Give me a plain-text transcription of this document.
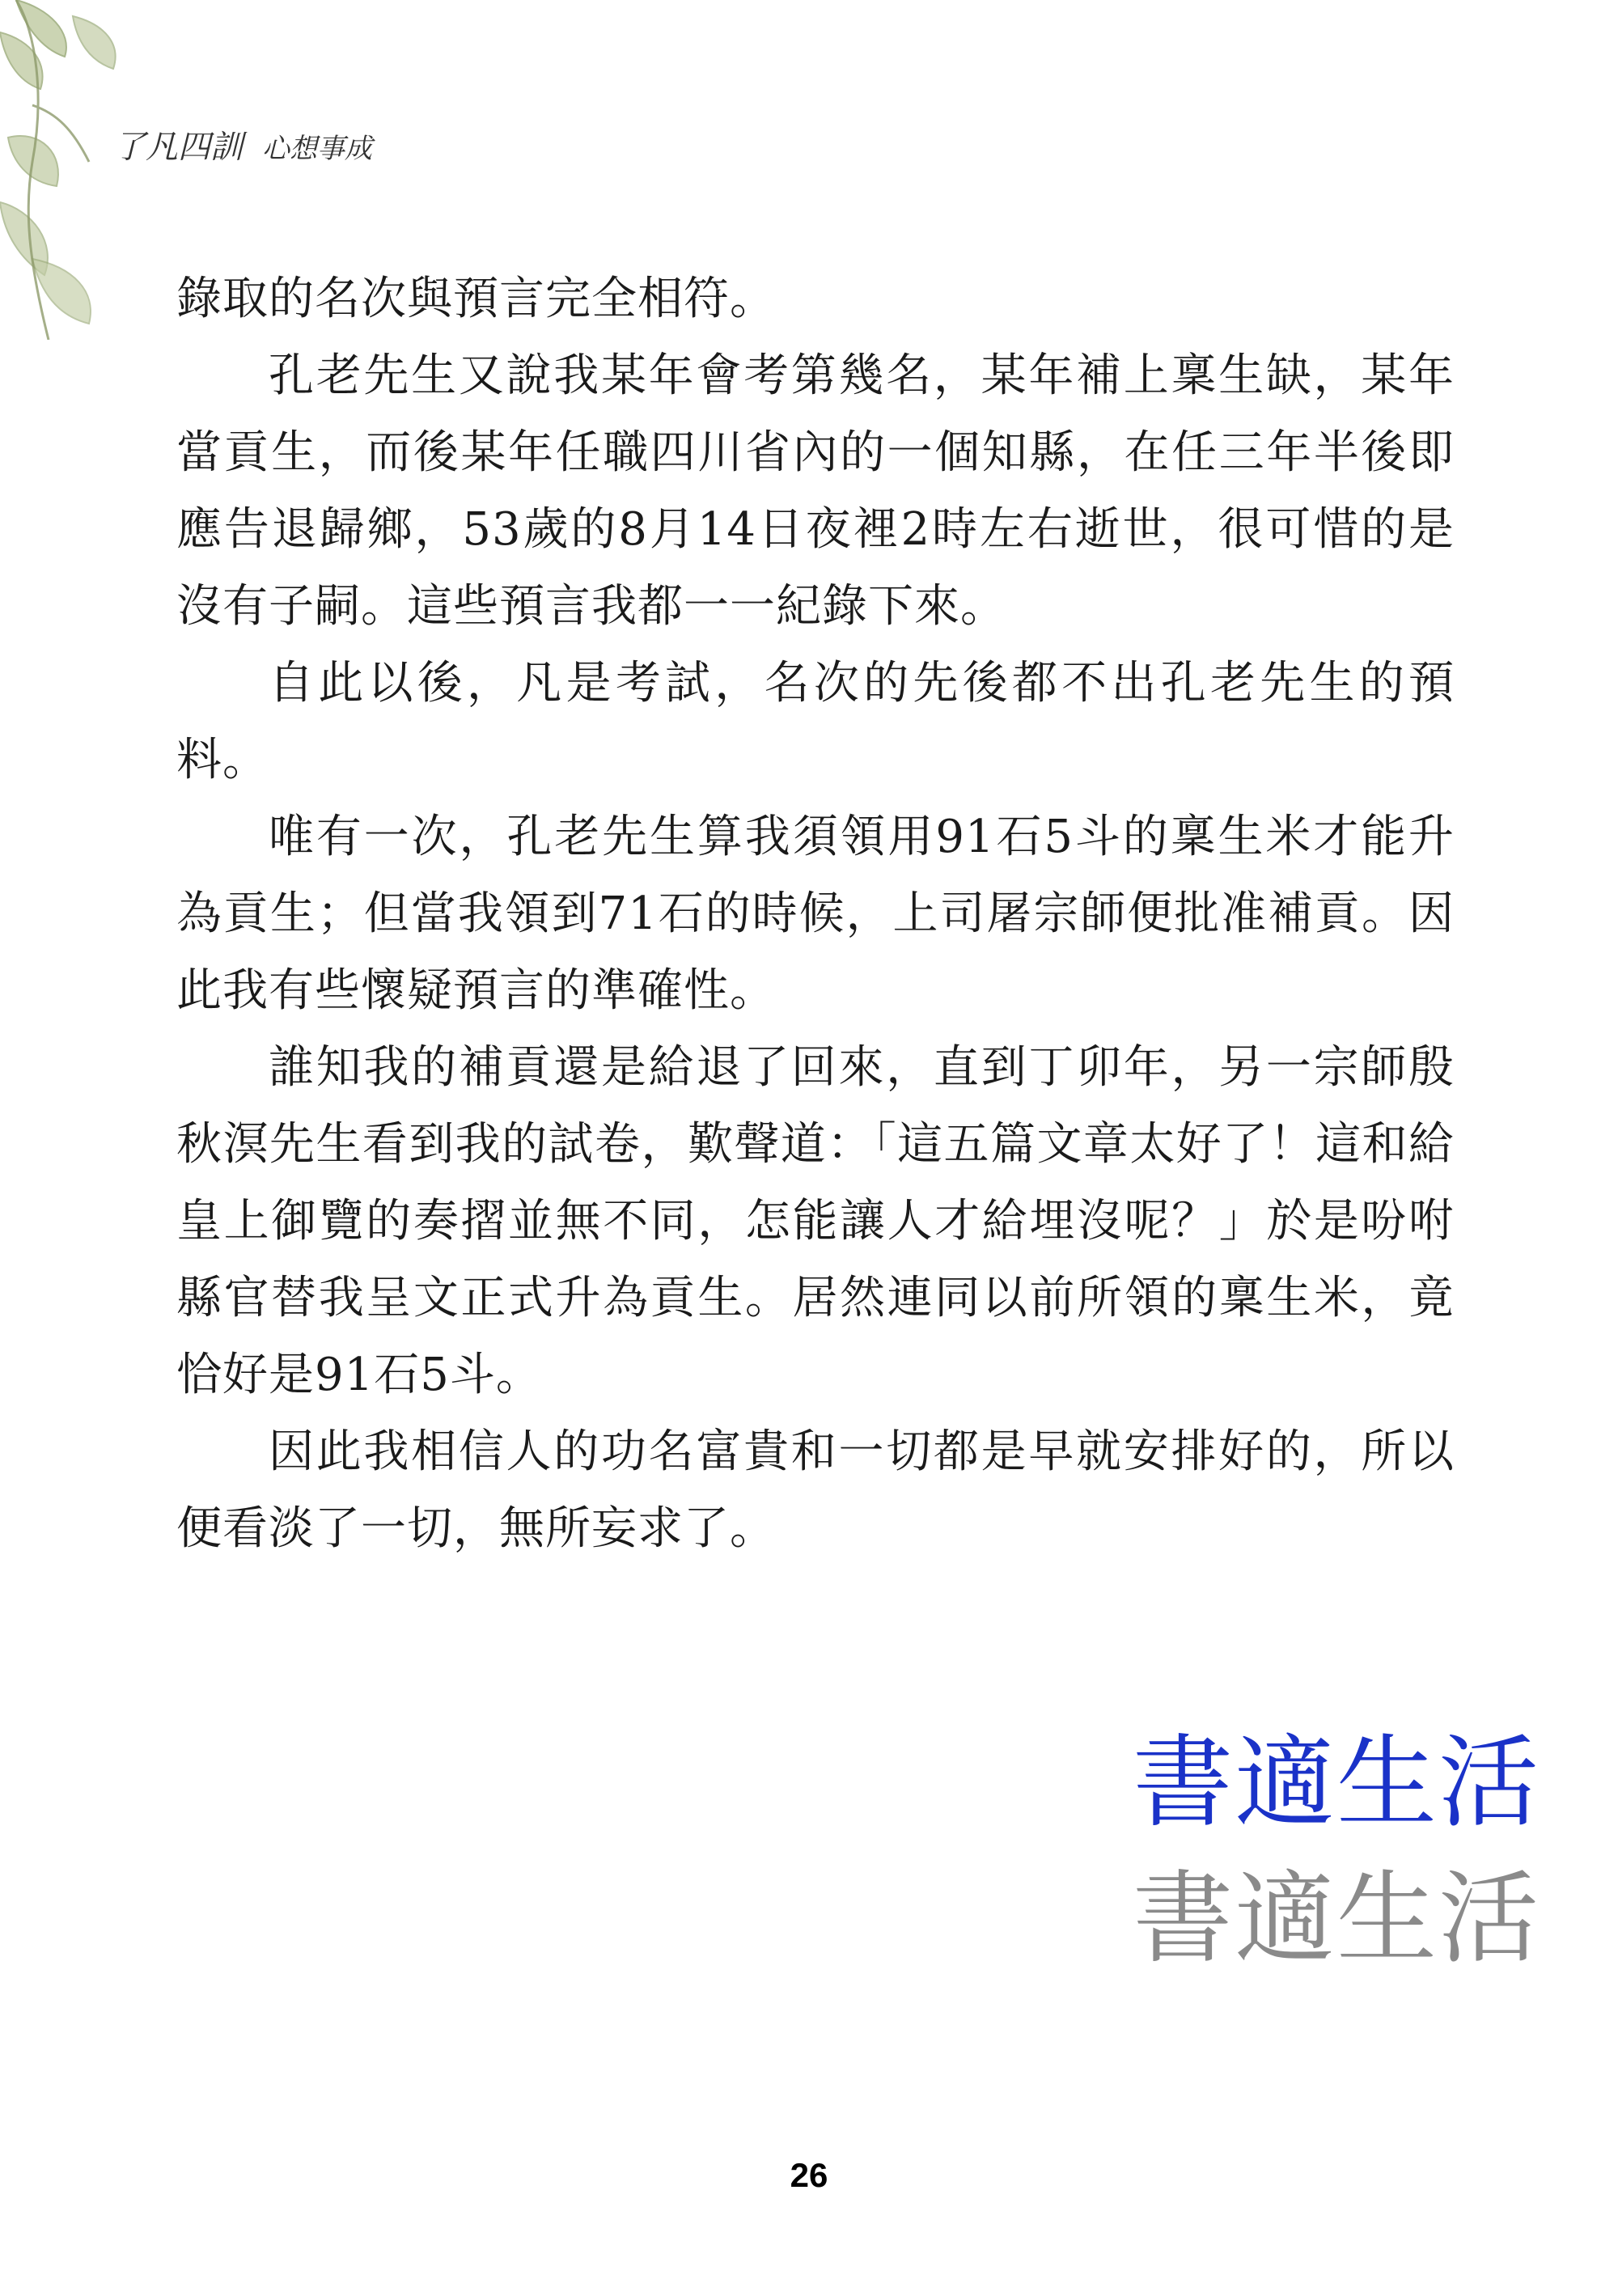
了凡四訓 心想事成

錄取的名次與預言完全相符。

孔老先生又說我某年會考第幾名，某年補上稟生缺，某年當貢生，而後某年任職四川省內的一個知縣，在任三年半後即應告退歸鄉，53歲的8月14日夜裡2時左右逝世，很可惜的是沒有子嗣。這些預言我都一一紀錄下來。

自此以後，凡是考試，名次的先後都不出孔老先生的預料。

唯有一次，孔老先生算我須領用91石5斗的稟生米才能升為貢生；但當我領到71石的時候，上司屠宗師便批准補貢。因此我有些懷疑預言的準確性。

誰知我的補貢還是給退了回來，直到丁卯年，另一宗師殷秋溟先生看到我的試卷，歎聲道：「這五篇文章太好了！這和給皇上御覽的奏摺並無不同，怎能讓人才給埋沒呢？」於是吩咐縣官替我呈文正式升為貢生。居然連同以前所領的稟生米，竟恰好是91石5斗。

因此我相信人的功名富貴和一切都是早就安排好的，所以便看淡了一切，無所妄求了。

書適生活
書適生活
26
